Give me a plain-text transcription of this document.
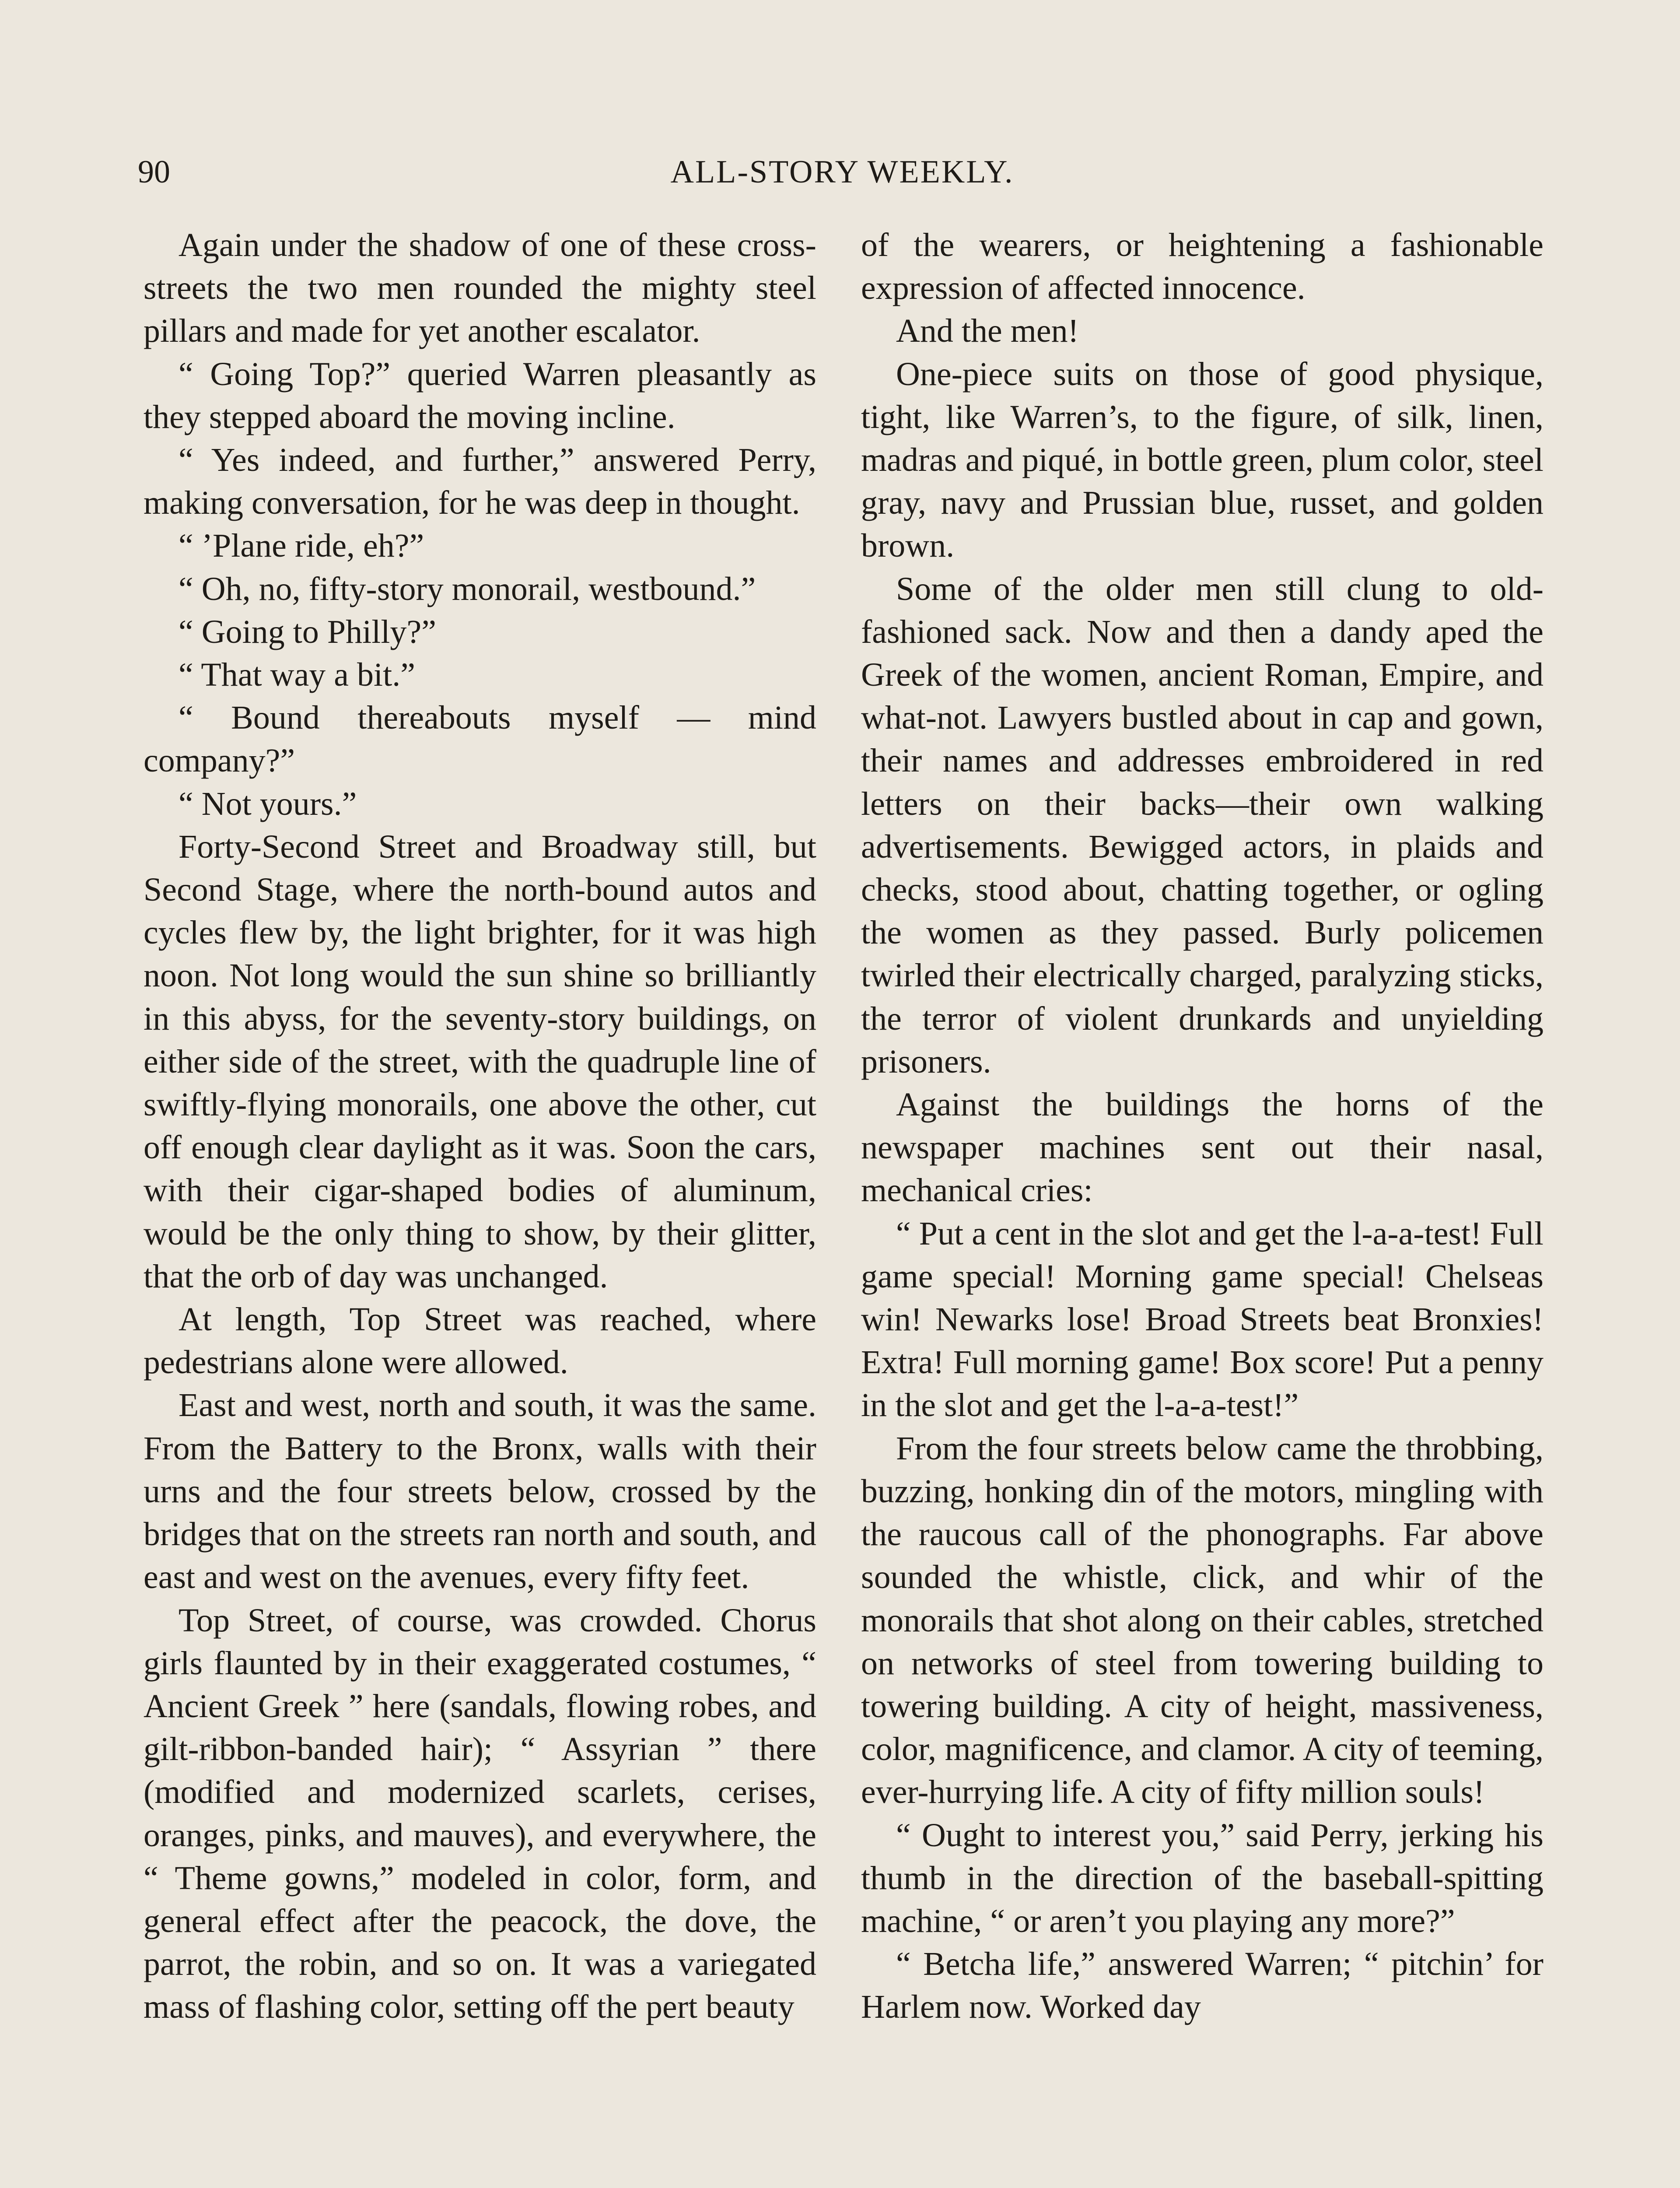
90	ALL-STORY WEEKLY.

Again under the shadow of one of these cross-streets the two men rounded the mighty steel pillars and made for yet another escalator.

“ Going Top?” queried Warren pleasantly as they stepped aboard the moving incline.

“ Yes indeed, and further,” answered Perry, making conversation, for he was deep in thought.

“ ’Plane ride, eh?”

“ Oh, no, fifty-story monorail, westbound.”

“ Going to Philly?”

“ That way a bit.”

“ Bound thereabouts myself — mind company?”

“ Not yours.”

Forty-Second Street and Broadway still, but Second Stage, where the north-bound autos and cycles flew by, the light brighter, for it was high noon. Not long would the sun shine so brilliantly in this abyss, for the seventy-story buildings, on either side of the street, with the quadruple line of swiftly-flying monorails, one above the other, cut off enough clear daylight as it was. Soon the cars, with their cigar-shaped bodies of aluminum, would be the only thing to show, by their glitter, that the orb of day was unchanged.

At length, Top Street was reached, where pedestrians alone were allowed.

East and west, north and south, it was the same. From the Battery to the Bronx, walls with their urns and the four streets below, crossed by the bridges that on the streets ran north and south, and east and west on the avenues, every fifty feet.

Top Street, of course, was crowded. Chorus girls flaunted by in their exaggerated costumes, “ Ancient Greek ” here (sandals, flowing robes, and gilt-ribbon-banded hair); “ Assyrian ” there (modified and modernized scarlets, cerises, oranges, pinks, and mauves), and everywhere, the “ Theme gowns,” modeled in color, form, and general effect after the peacock, the dove, the parrot, the robin, and so on. It was a variegated mass of flashing color, setting off the pert beauty

of the wearers, or heightening a fashionable expression of affected innocence.

And the men!

One-piece suits on those of good physique, tight, like Warren’s, to the figure, of silk, linen, madras and piqué, in bottle green, plum color, steel gray, navy and Prussian blue, russet, and golden brown.

Some of the older men still clung to old-fashioned sack. Now and then a dandy aped the Greek of the women, ancient Roman, Empire, and what-not. Lawyers bustled about in cap and gown, their names and addresses embroidered in red letters on their backs—their own walking advertisements. Bewigged actors, in plaids and checks, stood about, chatting together, or ogling the women as they passed. Burly policemen twirled their electrically charged, paralyzing sticks, the terror of violent drunkards and unyielding prisoners.

Against the buildings the horns of the newspaper machines sent out their nasal, mechanical cries:

“ Put a cent in the slot and get the l-a-a-test! Full game special! Morning game special! Chelseas win! Newarks lose! Broad Streets beat Bronxies! Extra! Full morning game! Box score! Put a penny in the slot and get the l-a-a-test!”

From the four streets below came the throbbing, buzzing, honking din of the motors, mingling with the raucous call of the phonographs. Far above sounded the whistle, click, and whir of the monorails that shot along on their cables, stretched on networks of steel from towering building to towering building. A city of height, massiveness, color, magnificence, and clamor. A city of teeming, ever-hurrying life. A city of fifty million souls!

“ Ought to interest you,” said Perry, jerking his thumb in the direction of the baseball-spitting machine, “ or aren’t you playing any more?”

“ Betcha life,” answered Warren; “ pitchin’ for Harlem now. Worked day
